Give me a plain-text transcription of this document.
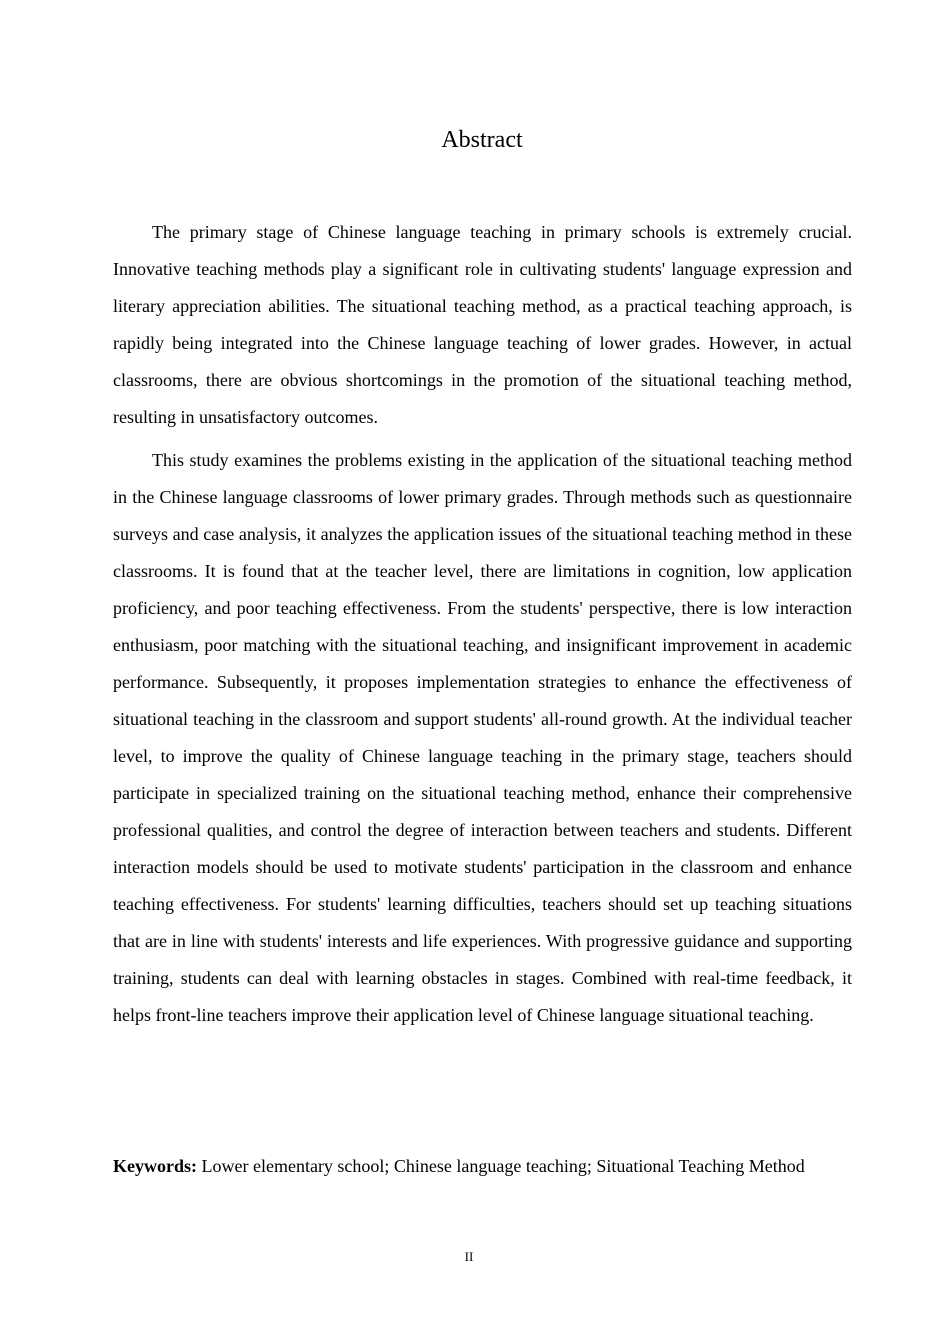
Abstract

The primary stage of Chinese language teaching in primary schools is extremely crucial. Innovative teaching methods play a significant role in cultivating students' language expression and literary appreciation abilities. The situational teaching method, as a practical teaching approach, is rapidly being integrated into the Chinese language teaching of lower grades. However, in actual classrooms, there are obvious shortcomings in the promotion of the situational teaching method, resulting in unsatisfactory outcomes.

This study examines the problems existing in the application of the situational teaching method in the Chinese language classrooms of lower primary grades. Through methods such as questionnaire surveys and case analysis, it analyzes the application issues of the situational teaching method in these classrooms. It is found that at the teacher level, there are limitations in cognition, low application proficiency, and poor teaching effectiveness. From the students' perspective, there is low interaction enthusiasm, poor matching with the situational teaching, and insignificant improvement in academic performance. Subsequently, it proposes implementation strategies to enhance the effectiveness of situational teaching in the classroom and support students' all-round growth. At the individual teacher level, to improve the quality of Chinese language teaching in the primary stage, teachers should participate in specialized training on the situational teaching method, enhance their comprehensive professional qualities, and control the degree of interaction between teachers and students. Different interaction models should be used to motivate students' participation in the classroom and enhance teaching effectiveness. For students' learning difficulties, teachers should set up teaching situations that are in line with students' interests and life experiences. With progressive guidance and supporting training, students can deal with learning obstacles in stages. Combined with real-time feedback, it helps front-line teachers improve their application level of Chinese language situational teaching.

Keywords: Lower elementary school; Chinese language teaching; Situational Teaching Method

II
